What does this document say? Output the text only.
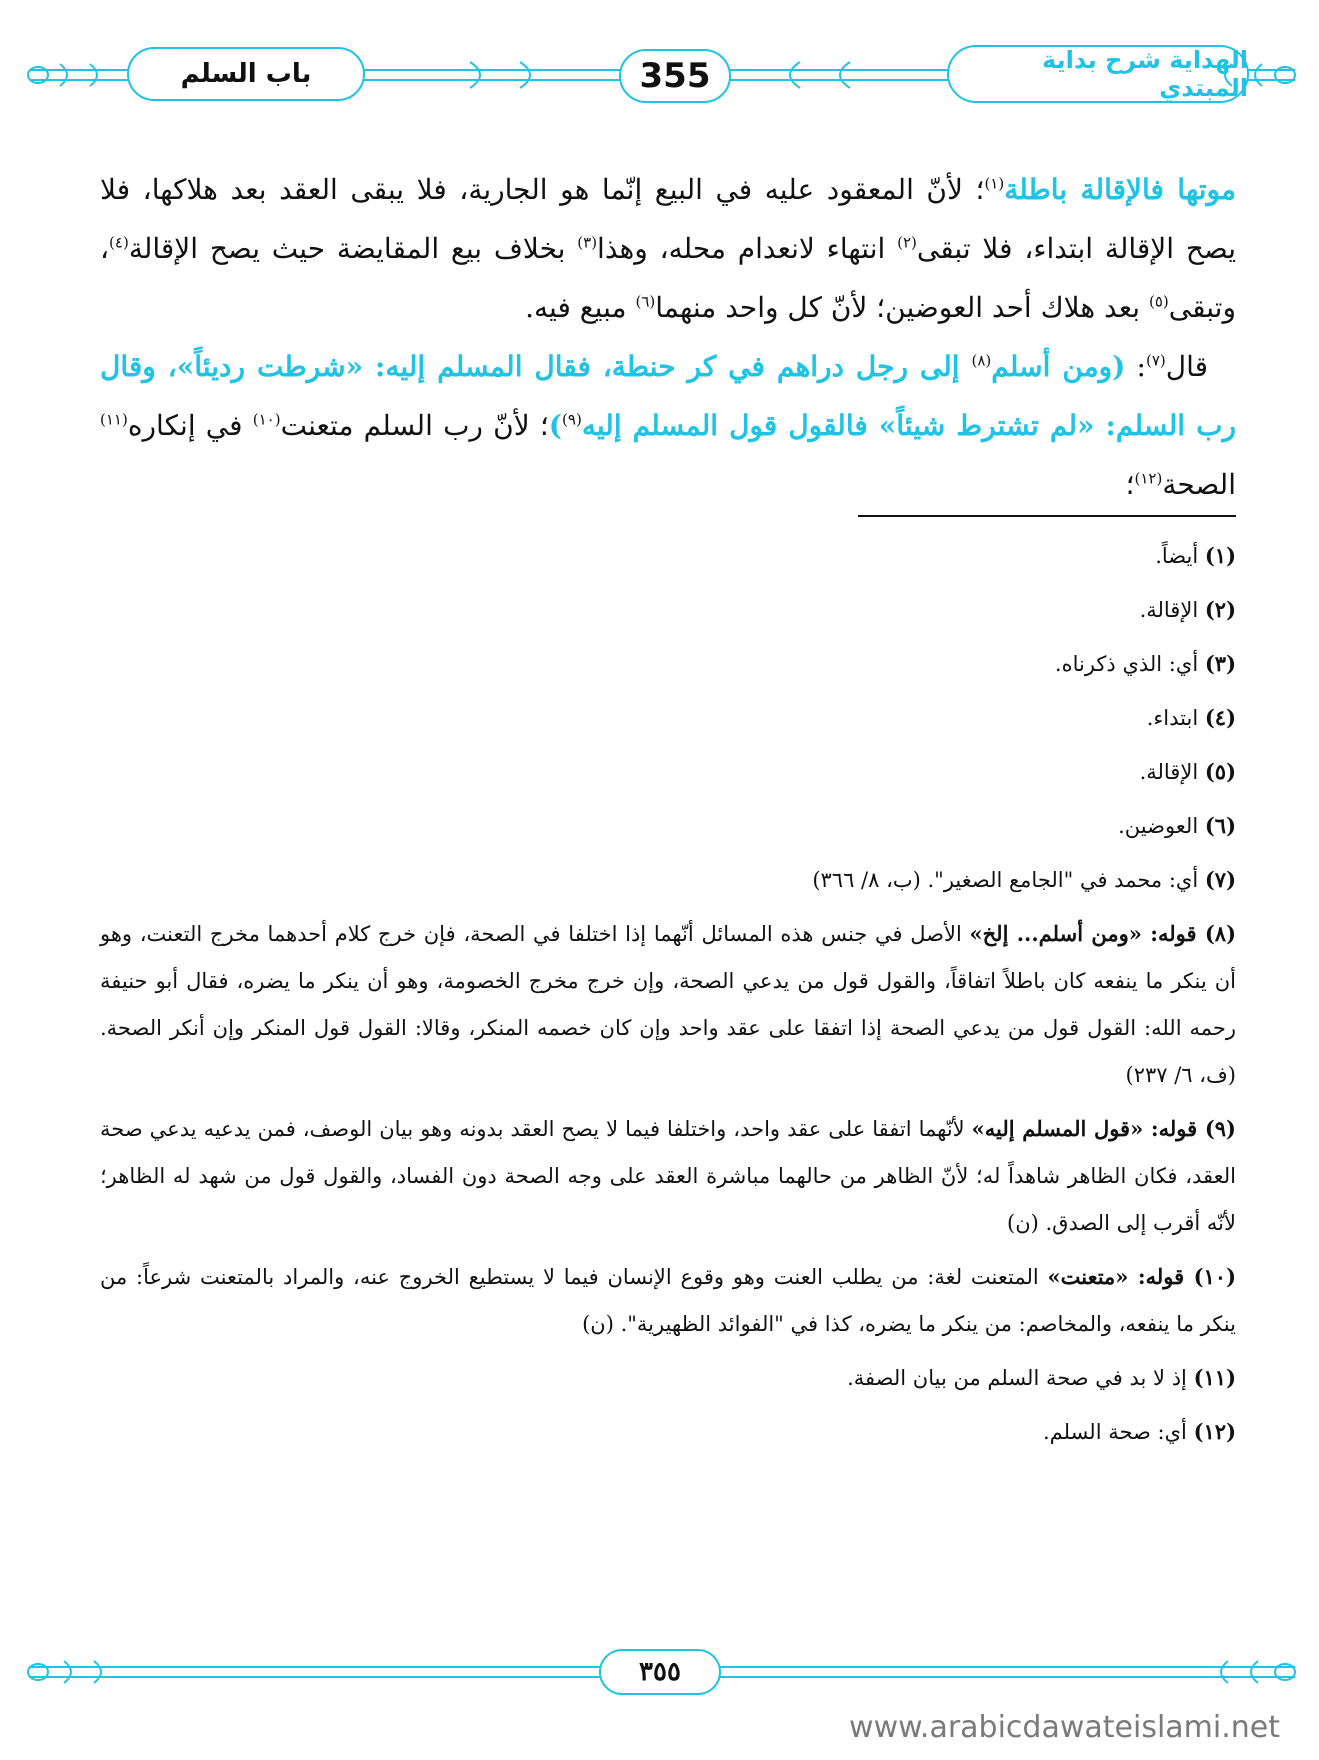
باب السلم	355	الهداية شرح بداية المبتدي

موتها فالإقالة باطلة$^{(١)}$؛ لأنّ المعقود عليه في البيع إنّما هو الجارية، فلا يبقى العقد بعد هلاكها، فلا يصح الإقالة ابتداء، فلا تبقى$^{(٢)}$ انتهاء لانعدام محله، وهذا$^{(٣)}$ بخلاف بيع المقايضة حيث يصح الإقالة$^{(٤)}$، وتبقى$^{(٥)}$ بعد هلاك أحد العوضين؛ لأنّ كل واحد منهما$^{(٦)}$ مبيع فيه.

قال$^{(٧)}$: (ومن أسلم$^{(٨)}$ إلى رجل دراهم في كر حنطة، فقال المسلم إليه: «شرطت رديئاً»، وقال رب السلم: «لم تشترط شيئاً» فالقول قول المسلم إليه$^{(٩)}$)؛ لأنّ رب السلم متعنت$^{(١٠)}$ في إنكاره$^{(١١)}$ الصحة$^{(١٢)}$؛

(١) أيضاً.

(٢) الإقالة.

(٣) أي: الذي ذكرناه.

(٤) ابتداء.

(٥) الإقالة.

(٦) العوضين.

(٧) أي: محمد في "الجامع الصغير". (ب، ٨/ ٣٦٦)

(٨) قوله: «ومن أسلم... إلخ» الأصل في جنس هذه المسائل أنّهما إذا اختلفا في الصحة، فإن خرج كلام أحدهما مخرج التعنت، وهو أن ينكر ما ينفعه كان باطلاً اتفاقاً، والقول قول من يدعي الصحة، وإن خرج مخرج الخصومة، وهو أن ينكر ما يضره، فقال أبو حنيفة رحمه الله: القول قول من يدعي الصحة إذا اتفقا على عقد واحد وإن كان خصمه المنكر، وقالا: القول قول المنكر وإن أنكر الصحة. (ف، ٦/ ٢٣٧)

(٩) قوله: «قول المسلم إليه» لأنّهما اتفقا على عقد واحد، واختلفا فيما لا يصح العقد بدونه وهو بيان الوصف، فمن يدعيه يدعي صحة العقد، فكان الظاهر شاهداً له؛ لأنّ الظاهر من حالهما مباشرة العقد على وجه الصحة دون الفساد، والقول قول من شهد له الظاهر؛ لأنّه أقرب إلى الصدق. (ن)

(١٠) قوله: «متعنت» المتعنت لغة: من يطلب العنت وهو وقوع الإنسان فيما لا يستطيع الخروج عنه، والمراد بالمتعنت شرعاً: من ينكر ما ينفعه، والمخاصم: من ينكر ما يضره، كذا في "الفوائد الظهيرية". (ن)

(١١) إذ لا بد في صحة السلم من بيان الصفة.

(١٢) أي: صحة السلم.

٣٥٥
www.arabicdawateislami.net
